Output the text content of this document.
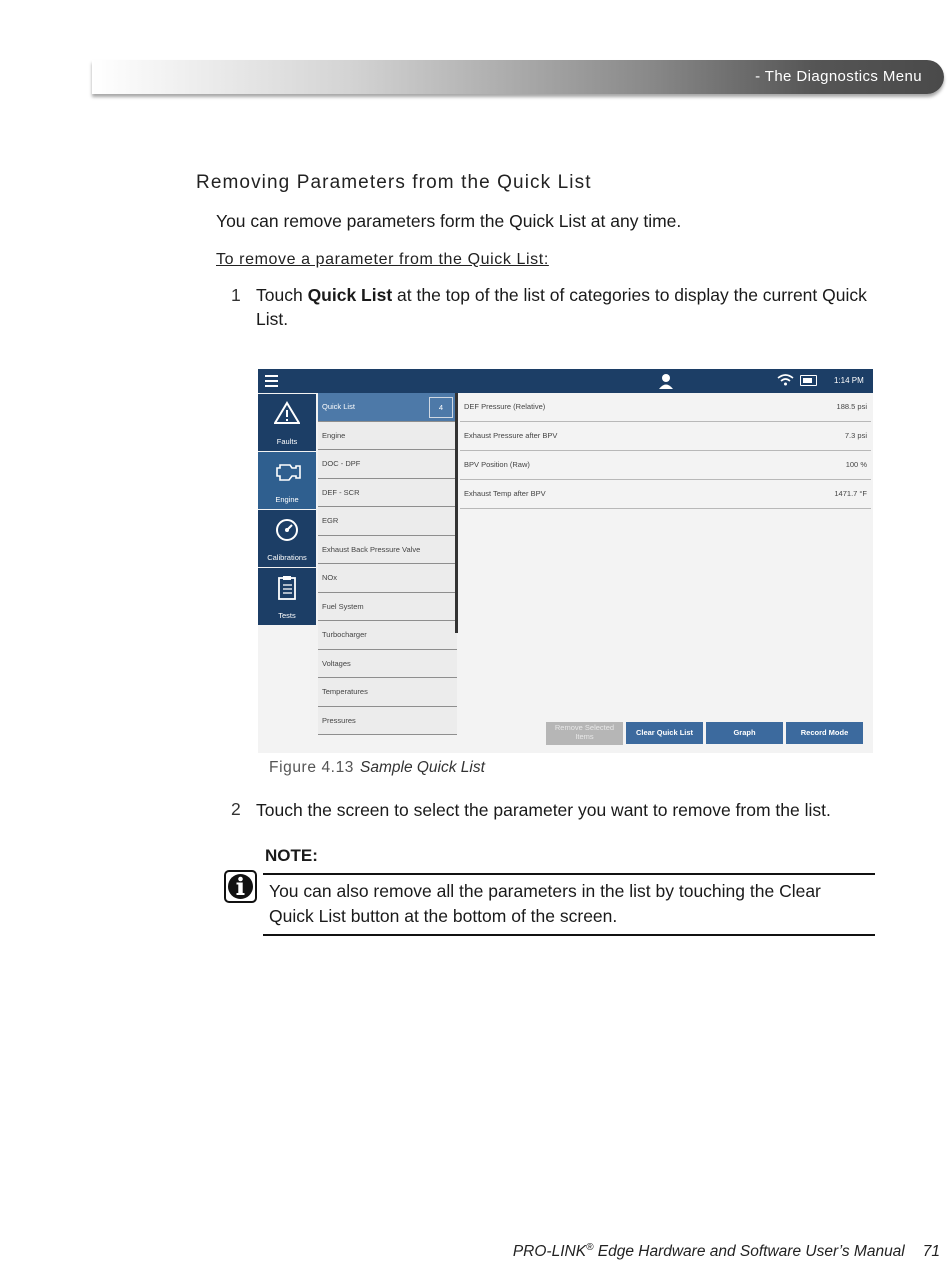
- The Diagnostics Menu
Removing Parameters from the Quick List
You can remove parameters form the Quick List at any time.
To remove a parameter from the Quick List:
1 Touch Quick List at the top of the list of categories to display the current Quick List.
1:14 PM
Faults
Engine
Calibrations
Tests
Quick List	4
Engine
DOC - DPF
DEF - SCR
EGR
Exhaust Back Pressure Valve
NOx
Fuel System
Turbocharger
Voltages
Temperatures
Pressures
DEF Pressure (Relative)	188.5 psi
Exhaust Pressure after BPV	7.3 psi
BPV Position (Raw)	100 %
Exhaust Temp after BPV	1471.7 °F
Remove Selected Items	Clear Quick List	Graph	Record Mode
Figure 4.13 Sample Quick List
2 Touch the screen to select the parameter you want to remove from the list.
NOTE:
You can also remove all the parameters in the list by touching the Clear Quick List button at the bottom of the screen.
PRO-LINK® Edge Hardware and Software User’s Manual 71
